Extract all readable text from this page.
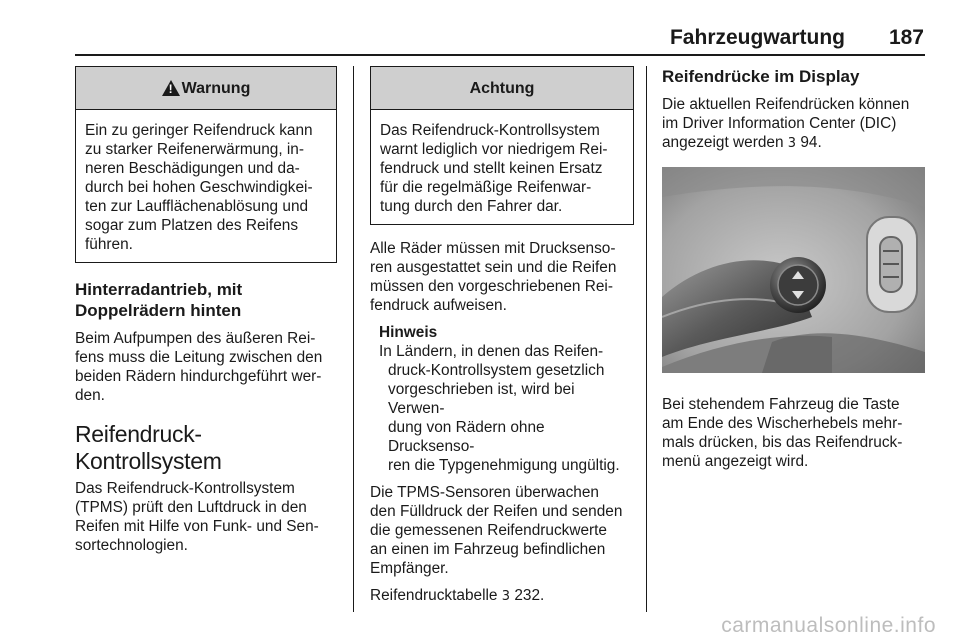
Fahrzeugwartung 187
!
Warnung
Ein zu geringer Reifendruck kann
zu starker Reifenerwärmung, in-
neren Beschädigungen und da-
durch bei hohen Geschwindigkei-
ten zur Laufflächenablösung und
sogar zum Platzen des Reifens
führen.
Hinterradantrieb, mit
Doppelrädern hinten

Beim Aufpumpen des äußeren Rei-
fens muss die Leitung zwischen den
beiden Rädern hindurchgeführt wer-
den.

Reifendruck-Kontrollsystem

Das Reifendruck-Kontrollsystem
(TPMS) prüft den Luftdruck in den
Reifen mit Hilfe von Funk- und Sen-
sortechnologien.

Achtung
Das Reifendruck-Kontrollsystem
warnt lediglich vor niedrigem Rei-
fendruck und stellt keinen Ersatz
für die regelmäßige Reifenwar-
tung durch den Fahrer dar.

Alle Räder müssen mit Drucksenso-
ren ausgestattet sein und die Reifen
müssen den vorgeschriebenen Rei-
fendruck aufweisen.

Hinweis
In Ländern, in denen das Reifen-
druck-Kontrollsystem gesetzlich
vorgeschrieben ist, wird bei Verwen-
dung von Rädern ohne Drucksenso-
ren die Typgenehmigung ungültig.

Die TPMS-Sensoren überwachen
den Fülldruck der Reifen und senden
die gemessenen Reifendruckwerte
an einen im Fahrzeug befindlichen
Empfänger.

Reifendrucktabelle 3 232.

Reifendrücke im Display

Die aktuellen Reifendrücken können
im Driver Information Center (DIC)
angezeigt werden 3 94.

Bei stehendem Fahrzeug die Taste
am Ende des Wischerhebels mehr-
mals drücken, bis das Reifendruck-
menü angezeigt wird.

carmanualsonline.info
